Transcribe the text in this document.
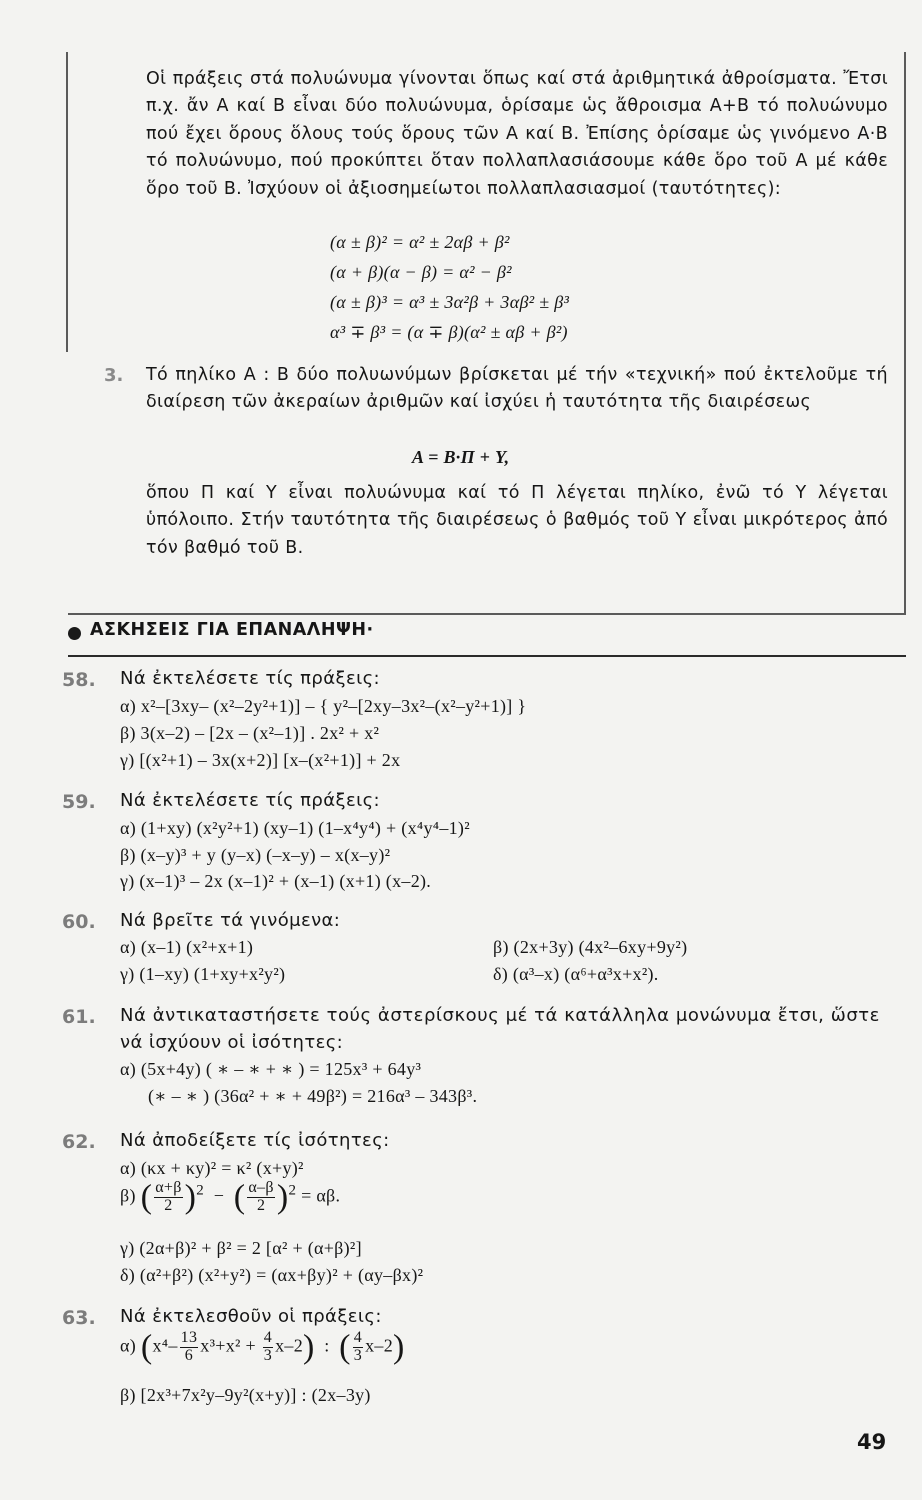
Οἱ πράξεις στά πολυώνυμα γίνονται ὅπως καί στά ἀριθμητικά ἀθροίσματα. Ἔτσι π.χ. ἄν A καί B εἶναι δύο πολυώνυμα, ὁρίσαμε ὡς ἄθροισμα A+B τό πολυώνυμο πού ἔχει ὅρους ὅλους τούς ὅρους τῶν A καί B. Ἐπίσης ὁρίσαμε ὡς γινόμενο A·B τό πολυώνυμο, πού προκύπτει ὅταν πολλαπλασιάσουμε κάθε ὅρο τοῦ A μέ κάθε ὅρο τοῦ B. Ἰσχύουν οἱ ἀξιοσημείωτοι πολλαπλασιασμοί (ταυτότητες):

(α ± β)² = α² ± 2αβ + β²
(α + β)(α − β) = α² − β²
(α ± β)³ = α³ ± 3α²β + 3αβ² ± β³
α³ ∓ β³ = (α ∓ β)(α² ± αβ + β²)
3. Τό πηλίκο A : B δύο πολυωνύμων βρίσκεται μέ τήν «τεχνική» πού ἐκτελοῦμε τή διαίρεση τῶν ἀκεραίων ἀριθμῶν καί ἰσχύει ἡ ταυτότητα τῆς διαιρέσεως

A = B·Π + Y,

ὅπου Π καί Y εἶναι πολυώνυμα καί τό Π λέγεται πηλίκο, ἐνῶ τό Y λέγεται ὑπόλοιπο. Στήν ταυτότητα τῆς διαιρέσεως ὁ βαθμός τοῦ Y εἶναι μικρότερος ἀπό τόν βαθμό τοῦ B.

ΑΣΚΗΣΕΙΣ ΓΙΑ ΕΠΑΝΑΛΗΨΗ·
58. Νά ἐκτελέσετε τίς πράξεις:
α) x²–[3xy– (x²–2y²+1)] – { y²–[2xy–3x²–(x²–y²+1)] }
β) 3(x–2) – [2x – (x²–1)] . 2x² + x²
γ) [(x²+1) – 3x(x+2)] [x–(x²+1)] + 2x
59. Νά ἐκτελέσετε τίς πράξεις:
α) (1+xy) (x²y²+1) (xy–1) (1–x⁴y⁴) + (x⁴y⁴–1)²
β) (x–y)³ + y (y–x) (–x–y) – x(x–y)²
γ) (x–1)³ – 2x (x–1)² + (x–1) (x+1) (x–2).
60. Νά βρεῖτε τά γινόμενα:
α) (x–1) (x²+x+1)	β) (2x+3y) (4x²–6xy+9y²)
γ) (1–xy) (1+xy+x²y²)	δ) (α³–x) (α⁶+α³x+x²).
61. Νά ἀντικαταστήσετε τούς ἀστερίσκους μέ τά κατάλληλα μονώνυμα ἔτσι, ὥστε
νά ἰσχύουν οἱ ἰσότητες:
α) (5x+4y) ( ∗ – ∗ + ∗ ) = 125x³ + 64y³
(∗ – ∗ ) (36α² + ∗ + 49β²) = 216α³ – 343β³.
62. Νά ἀποδείξετε τίς ἰσότητες:
α) (κx + κy)² = κ² (x+y)²
β) ( $\frac{\alpha+\beta}{2} )^2$  −  ( $\frac{\alpha-\beta}{2} )^2 = \alpha\beta$.
γ) (2α+β)² + β² = 2 [α² + (α+β)²]
δ) (α²+β²) (x²+y²) = (αx+βy)² + (αy–βx)²
63. Νά ἐκτελεσθοῦν οἱ πράξεις:
α) $(x^4- \frac{13}{6} x^3+x^2 + \frac{4}{3} x-2)$ : ( $\frac{4}{3} x-2$)
β) [2x³+7x²y–9y²(x+y)] : (2x–3y)
49
